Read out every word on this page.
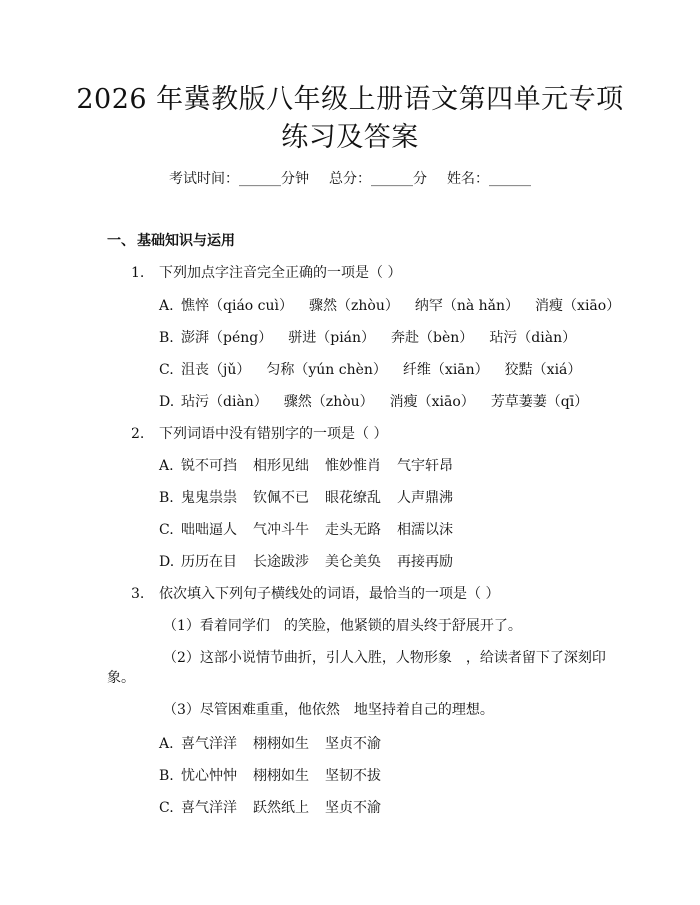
2026 年冀教版八年级上册语文第四单元专项
练习及答案
考试时间：______分钟 总分：______分 姓名：______
一、 基础知识与运用
1. 下列加点字注音完全正确的一项是（ ）
A. 憔悴（qiáo cuì） 骤然（zhòu） 纳罕（nà hǎn） 消瘦（xiāo）
B. 澎湃（péng） 骈进（pián） 奔赴（bèn） 玷污（diàn）
C. 沮丧（jǔ） 匀称（yún chèn） 纤维（xiān） 狡黠（xiá）
D. 玷污（diàn） 骤然（zhòu） 消瘦（xiāo） 芳草萋萋（qī）
2. 下列词语中没有错别字的一项是（ ）
A. 锐不可挡 相形见绌 惟妙惟肖 气宇轩昂
B. 鬼鬼祟祟 钦佩不已 眼花缭乱 人声鼎沸
C. 咄咄逼人 气冲斗牛 走头无路 相濡以沫
D. 历历在目 长途跋涉 美仑美奂 再接再励
3. 依次填入下列句子横线处的词语，最恰当的一项是（ ）
（1）看着同学们　的笑脸，他紧锁的眉头终于舒展开了。
（2）这部小说情节曲折，引人入胜，人物形象　，给读者留下了深刻印
象。
（3）尽管困难重重，他依然　地坚持着自己的理想。
A. 喜气洋洋 栩栩如生 坚贞不渝
B. 忧心忡忡 栩栩如生 坚韧不拔
C. 喜气洋洋 跃然纸上 坚贞不渝
